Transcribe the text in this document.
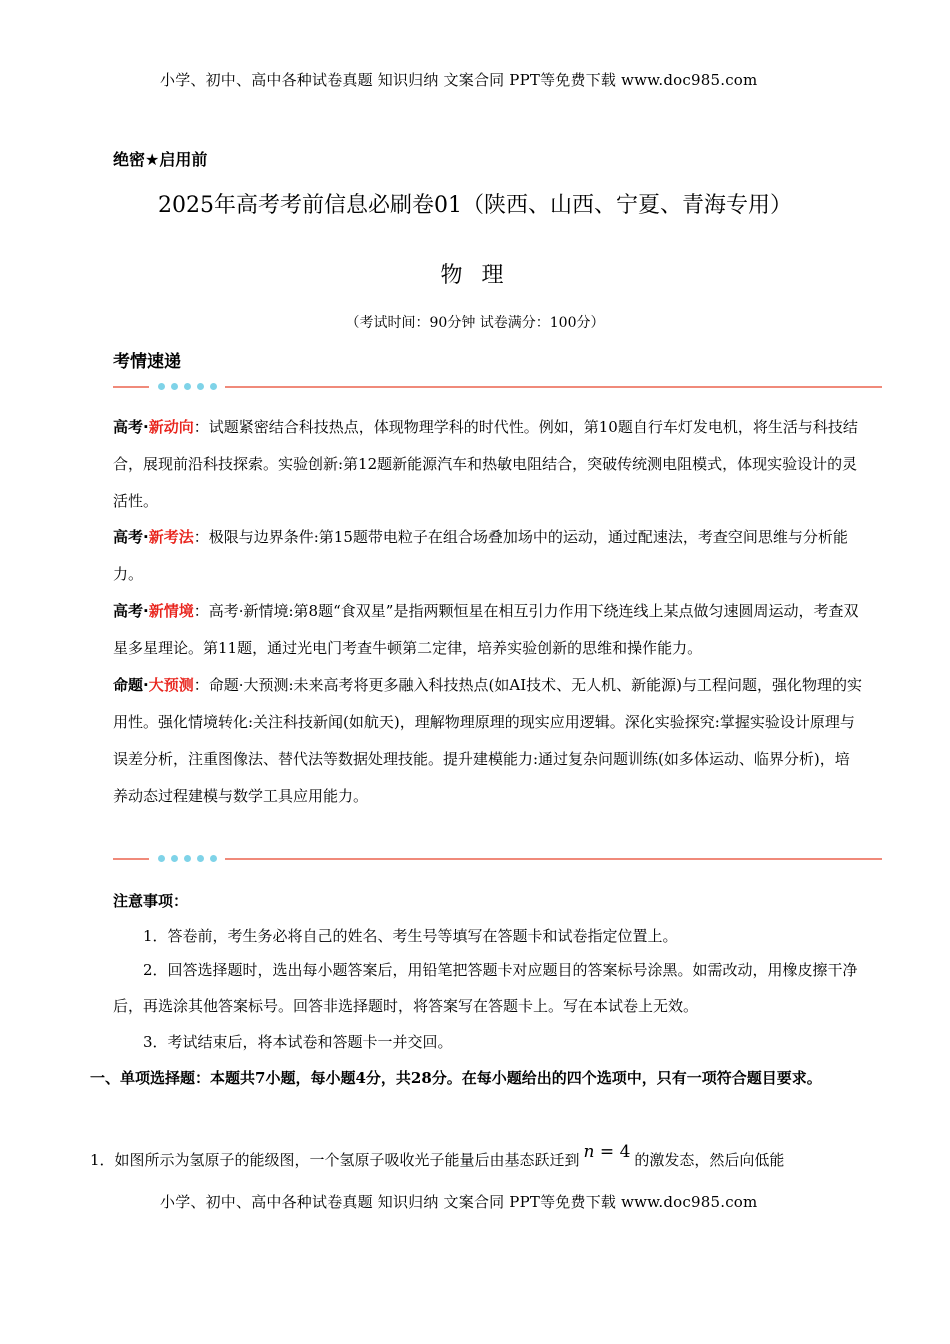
小学、初中、高中各种试卷真题 知识归纳 文案合同 PPT等免费下载 www.doc985.com
绝密★启用前
2025年高考考前信息必刷卷01（陕西、山西、宁夏、青海专用）
物 理
（考试时间：90分钟 试卷满分：100分）
考情速递
高考·新动向：试题紧密结合科技热点，体现物理学科的时代性。例如，第10题自行车灯发电机，将生活与科技结合，展现前沿科技探索。实验创新:第12题新能源汽车和热敏电阻结合，突破传统测电阻模式，体现实验设计的灵活性。
高考·新考法：极限与边界条件:第15题带电粒子在组合场叠加场中的运动，通过配速法，考查空间思维与分析能力。
高考·新情境：高考·新情境:第8题“食双星”是指两颗恒星在相互引力作用下绕连线上某点做匀速圆周运动，考查双星多星理论。第11题，通过光电门考查牛顿第二定律，培养实验创新的思维和操作能力。
命题·大预测：命题·大预测:未来高考将更多融入科技热点(如AI技术、无人机、新能源)与工程问题，强化物理的实用性。强化情境转化:关注科技新闻(如航天)，理解物理原理的现实应用逻辑。深化实验探究:掌握实验设计原理与误差分析，注重图像法、替代法等数据处理技能。提升建模能力:通过复杂问题训练(如多体运动、临界分析)，培养动态过程建模与数学工具应用能力。
注意事项：
1．答卷前，考生务必将自己的姓名、考生号等填写在答题卡和试卷指定位置上。
2．回答选择题时，选出每小题答案后，用铅笔把答题卡对应题目的答案标号涂黑。如需改动，用橡皮擦干净后，再选涂其他答案标号。回答非选择题时，将答案写在答题卡上。写在本试卷上无效。
3．考试结束后，将本试卷和答题卡一并交回。
一、单项选择题：本题共7小题，每小题4分，共28分。在每小题给出的四个选项中，只有一项符合题目要求。
1．如图所示为氢原子的能级图，一个氢原子吸收光子能量后由基态跃迁到 n = 4 的激发态，然后向低能
小学、初中、高中各种试卷真题 知识归纳 文案合同 PPT等免费下载 www.doc985.com
